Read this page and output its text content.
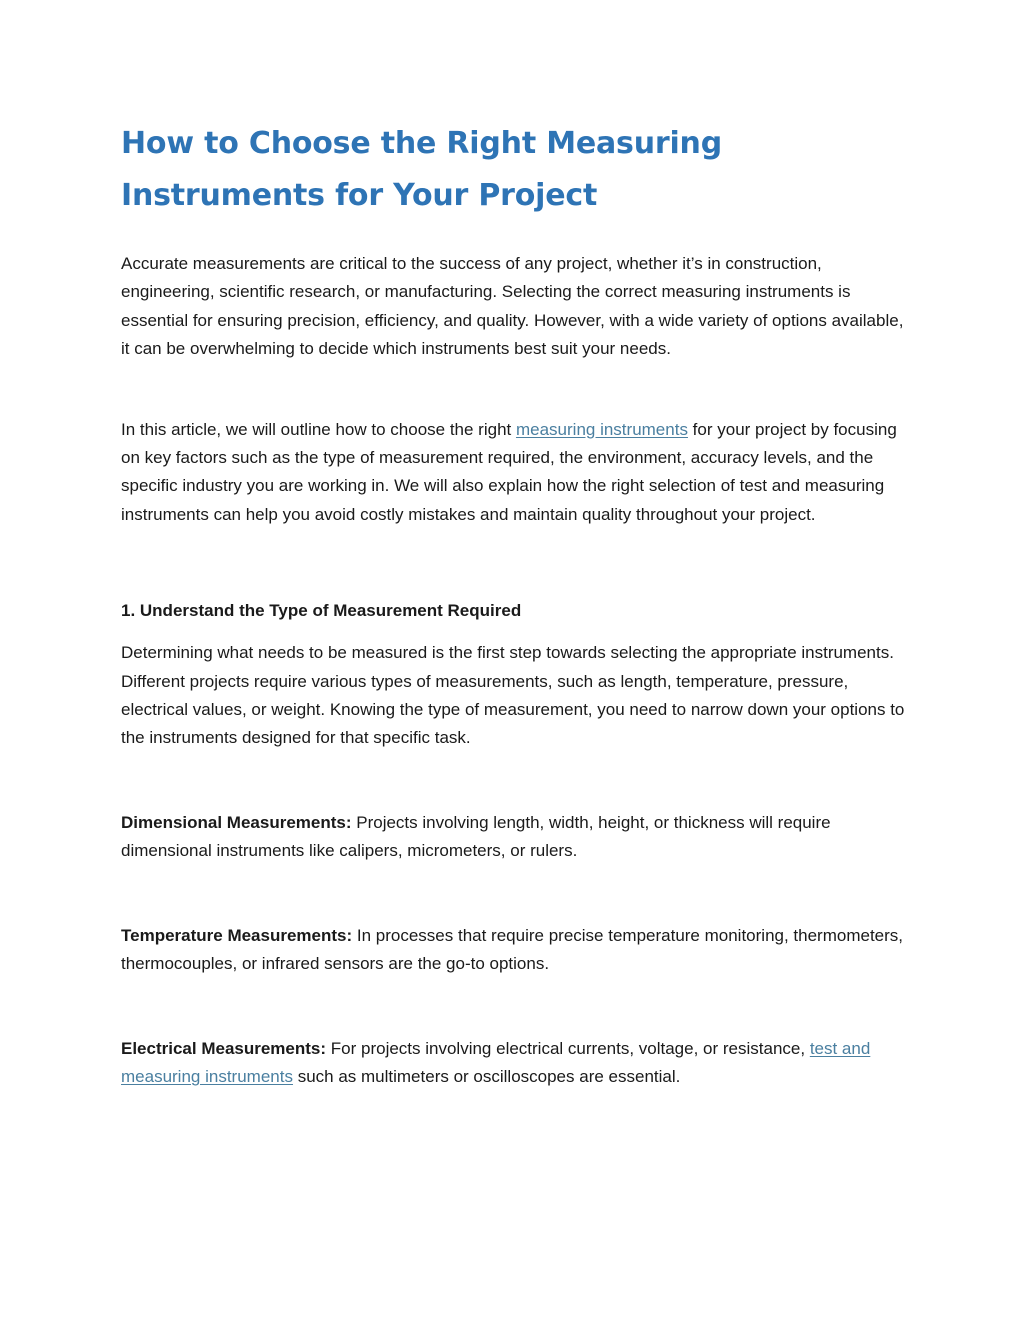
How to Choose the Right Measuring Instruments for Your Project

Accurate measurements are critical to the success of any project, whether it’s in construction, engineering, scientific research, or manufacturing. Selecting the correct measuring instruments is essential for ensuring precision, efficiency, and quality. However, with a wide variety of options available, it can be overwhelming to decide which instruments best suit your needs.

In this article, we will outline how to choose the right measuring instruments for your project by focusing on key factors such as the type of measurement required, the environment, accuracy levels, and the specific industry you are working in. We will also explain how the right selection of test and measuring instruments can help you avoid costly mistakes and maintain quality throughout your project.

1. Understand the Type of Measurement Required

Determining what needs to be measured is the first step towards selecting the appropriate instruments. Different projects require various types of measurements, such as length, temperature, pressure, electrical values, or weight. Knowing the type of measurement, you need to narrow down your options to the instruments designed for that specific task.

Dimensional Measurements: Projects involving length, width, height, or thickness will require dimensional instruments like calipers, micrometers, or rulers.

Temperature Measurements: In processes that require precise temperature monitoring, thermometers, thermocouples, or infrared sensors are the go-to options.

Electrical Measurements: For projects involving electrical currents, voltage, or resistance, test and measuring instruments such as multimeters or oscilloscopes are essential.
